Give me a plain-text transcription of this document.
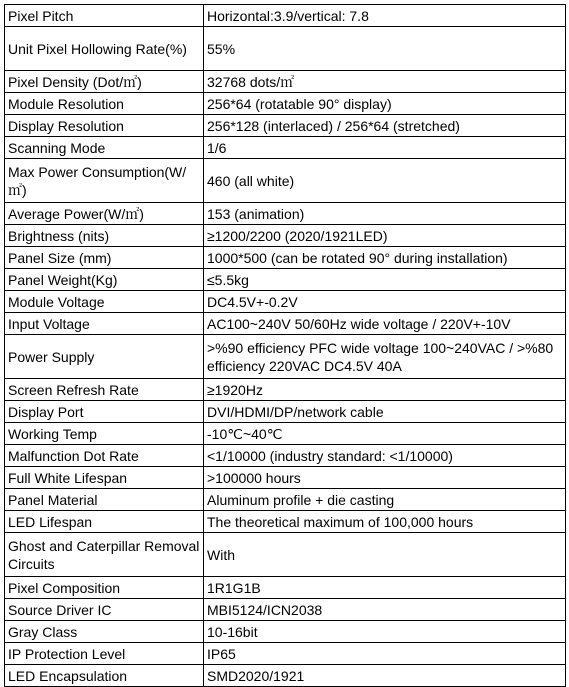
Pixel Pitch	Horizontal:3.9/vertical: 7.8
Unit Pixel Hollowing Rate(%)	55%
Pixel Density (Dot/㎡)	32768 dots/㎡
Module Resolution	256*64 (rotatable 90° display)
Display Resolution	256*128 (interlaced) / 256*64 (stretched)
Scanning Mode	1/6
Max Power Consumption(W/㎡)	460 (all white)
Average Power(W/㎡)	153 (animation)
Brightness (nits)	≥1200/2200 (2020/1921LED)
Panel Size (mm)	1000*500 (can be rotated 90° during installation)
Panel Weight(Kg)	≤5.5kg
Module Voltage	DC4.5V+-0.2V
Input Voltage	AC100~240V 50/60Hz wide voltage / 220V+-10V
Power Supply	>%90 efficiency PFC wide voltage 100~240VAC / >%80 efficiency 220VAC DC4.5V 40A
Screen Refresh Rate	≥1920Hz
Display Port	DVI/HDMI/DP/network cable
Working Temp	-10℃~40℃
Malfunction Dot Rate	<1/10000 (industry standard: <1/10000)
Full White Lifespan	>100000 hours
Panel Material	Aluminum profile + die casting
LED Lifespan	The theoretical maximum of 100,000 hours
Ghost and Caterpillar Removal Circuits	With
Pixel Composition	1R1G1B
Source Driver IC	MBI5124/ICN2038
Gray Class	10-16bit
IP Protection Level	IP65
LED Encapsulation	SMD2020/1921
